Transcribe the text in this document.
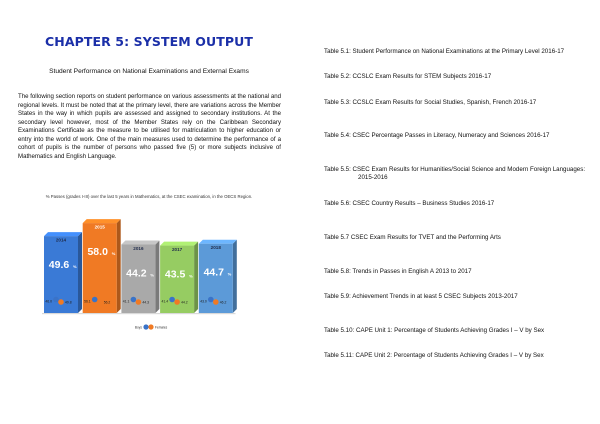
CHAPTER 5: SYSTEM OUTPUT
Student Performance on National Examinations and External Exams
The following section reports on student performance on various assessments at the national and regional levels. It must be noted that at the primary level, there are variations across the Member States in the way in which pupils are assessed and assigned to secondary institutions. At the secondary level however, most of the Member States rely on the Caribbean Secondary Examinations Certificate as the measure to be utilised for matriculation to higher education or entry into the world of work. One of the main measures used to determine the performance of a cohort of pupils is the number of persons who passed five (5) or more subjects inclusive of Mathematics and English Language.
% Passes (grades I-III) over the last 5 years in Mathematics, at the CSEC examination, in the OECS Region.
2014
49.6 %
46.0	49.8
2015
58.0 %
56.1	56.2
2016
44.2 %
41.1	44.3
2017
43.5 %
41.4	44.2
2018
44.7 %
43.0	46.2
Boys	Females
Table 5.1: Student Performance on National Examinations at the Primary Level 2016-17
Table 5.2: CCSLC Exam Results for STEM Subjects 2016-17
Table 5.3: CCSLC Exam Results for Social Studies, Spanish, French 2016-17
Table 5.4: CSEC Percentage Passes in Literacy, Numeracy and Sciences 2016-17
Table 5.5: CSEC Exam Results for Humanities/Social Science and Modern Foreign Languages: 2015-2016
Table 5.6: CSEC Country Results – Business Studies 2016-17
Table 5.7 CSEC Exam Results for TVET and the Performing Arts
Table 5.8: Trends in Passes in English A 2013 to 2017
Table 5.9: Achievement Trends in at least 5 CSEC Subjects 2013-2017
Table 5.10: CAPE Unit 1: Percentage of Students Achieving Grades I – V by Sex
Table 5.11: CAPE Unit 2: Percentage of Students Achieving Grades I – V by Sex
